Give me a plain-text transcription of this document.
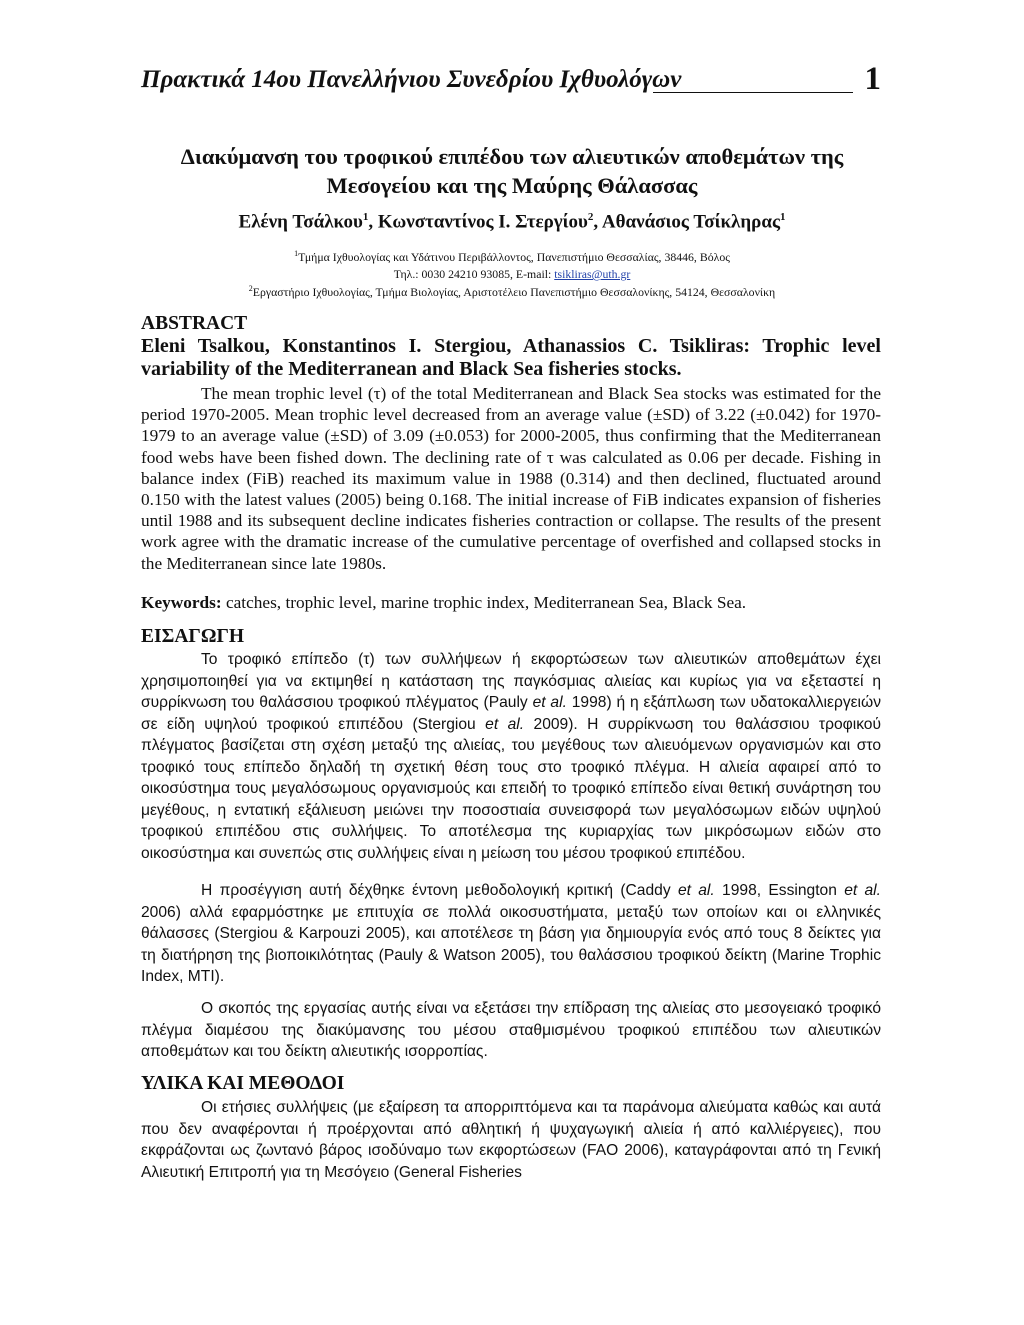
Πρακτικά 14ου Πανελλήνιου Συνεδρίου Ιχθυολόγων	1
Διακύμανση του τροφικού επιπέδου των αλιευτικών αποθεμάτων της
Μεσογείου και της Μαύρης Θάλασσας
Ελένη Τσάλκου$^1$, Κωνσταντίνος Ι. Στεργίου$^2$, Αθανάσιος Τσίκληρας$^1$
$^1$Τμήμα Ιχθυολογίας και Υδάτινου Περιβάλλοντος, Πανεπιστήμιο Θεσσαλίας, 38446, Βόλος
Τηλ.: 0030 24210 93085, E-mail: tsikliras@uth.gr
$^2$Εργαστήριο Ιχθυολογίας, Τμήμα Βιολογίας, Αριστοτέλειο Πανεπιστήμιο Θεσσαλονίκης, 54124, Θεσσαλονίκη
ABSTRACT
Eleni Tsalkou, Konstantinos I. Stergiou, Athanassios C. Tsikliras: Trophic level variability of the Mediterranean and Black Sea fisheries stocks.
The mean trophic level (τ) of the total Mediterranean and Black Sea stocks was estimated for the period 1970-2005. Mean trophic level decreased from an average value (±SD) of 3.22 (±0.042) for 1970-1979 to an average value (±SD) of 3.09 (±0.053) for 2000-2005, thus confirming that the Mediterranean food webs have been fished down. The declining rate of τ was calculated as 0.06 per decade. Fishing in balance index (FiB) reached its maximum value in 1988 (0.314) and then declined, fluctuated around 0.150 with the latest values (2005) being 0.168. The initial increase of FiB indicates expansion of fisheries until 1988 and its subsequent decline indicates fisheries contraction or collapse. The results of the present work agree with the dramatic increase of the cumulative percentage of overfished and collapsed stocks in the Mediterranean since late 1980s.
Keywords: catches, trophic level, marine trophic index, Mediterranean Sea, Black Sea.
ΕΙΣΑΓΩΓΗ
Το τροφικό επίπεδο (τ) των συλλήψεων ή εκφορτώσεων των αλιευτικών αποθεμάτων έχει χρησιμοποιηθεί για να εκτιμηθεί η κατάσταση της παγκόσμιας αλιείας και κυρίως για να εξεταστεί η συρρίκνωση του θαλάσσιου τροφικού πλέγματος (Pauly et al. 1998) ή η εξάπλωση των υδατοκαλλιεργειών σε είδη υψηλού τροφικού επιπέδου (Stergiou et al. 2009). Η συρρίκνωση του θαλάσσιου τροφικού πλέγματος βασίζεται στη σχέση μεταξύ της αλιείας, του μεγέθους των αλιευόμενων οργανισμών και στο τροφικό τους επίπεδο δηλαδή τη σχετική θέση τους στο τροφικό πλέγμα. Η αλιεία αφαιρεί από το οικοσύστημα τους μεγαλόσωμους οργανισμούς και επειδή το τροφικό επίπεδο είναι θετική συνάρτηση του μεγέθους, η εντατική εξάλιευση μειώνει την ποσοστιαία συνεισφορά των μεγαλόσωμων ειδών υψηλού τροφικού επιπέδου στις συλλήψεις. Το αποτέλεσμα της κυριαρχίας των μικρόσωμων ειδών στο οικοσύστημα και συνεπώς στις συλλήψεις είναι η μείωση του μέσου τροφικού επιπέδου.
Η προσέγγιση αυτή δέχθηκε έντονη μεθοδολογική κριτική (Caddy et al. 1998, Essington et al. 2006) αλλά εφαρμόστηκε με επιτυχία σε πολλά οικοσυστήματα, μεταξύ των οποίων και οι ελληνικές θάλασσες (Stergiou & Karpouzi 2005), και αποτέλεσε τη βάση για δημιουργία ενός από τους 8 δείκτες για τη διατήρηση της βιοποικιλότητας (Pauly & Watson 2005), του θαλάσσιου τροφικού δείκτη (Marine Trophic Index, MTI).
Ο σκοπός της εργασίας αυτής είναι να εξετάσει την επίδραση της αλιείας στο μεσογειακό τροφικό πλέγμα διαμέσου της διακύμανσης του μέσου σταθμισμένου τροφικού επιπέδου των αλιευτικών αποθεμάτων και του δείκτη αλιευτικής ισορροπίας.
ΥΛΙΚΑ ΚΑΙ ΜΕΘΟΔΟΙ
Οι ετήσιες συλλήψεις (με εξαίρεση τα απορριπτόμενα και τα παράνομα αλιεύματα καθώς και αυτά που δεν αναφέρονται ή προέρχονται από αθλητική ή ψυχαγωγική αλιεία ή από καλλιέργειες), που εκφράζονται ως ζωντανό βάρος ισοδύναμο των εκφορτώσεων (FAO 2006), καταγράφονται από τη Γενική Αλιευτική Επιτροπή για τη Μεσόγειο (General Fisheries
